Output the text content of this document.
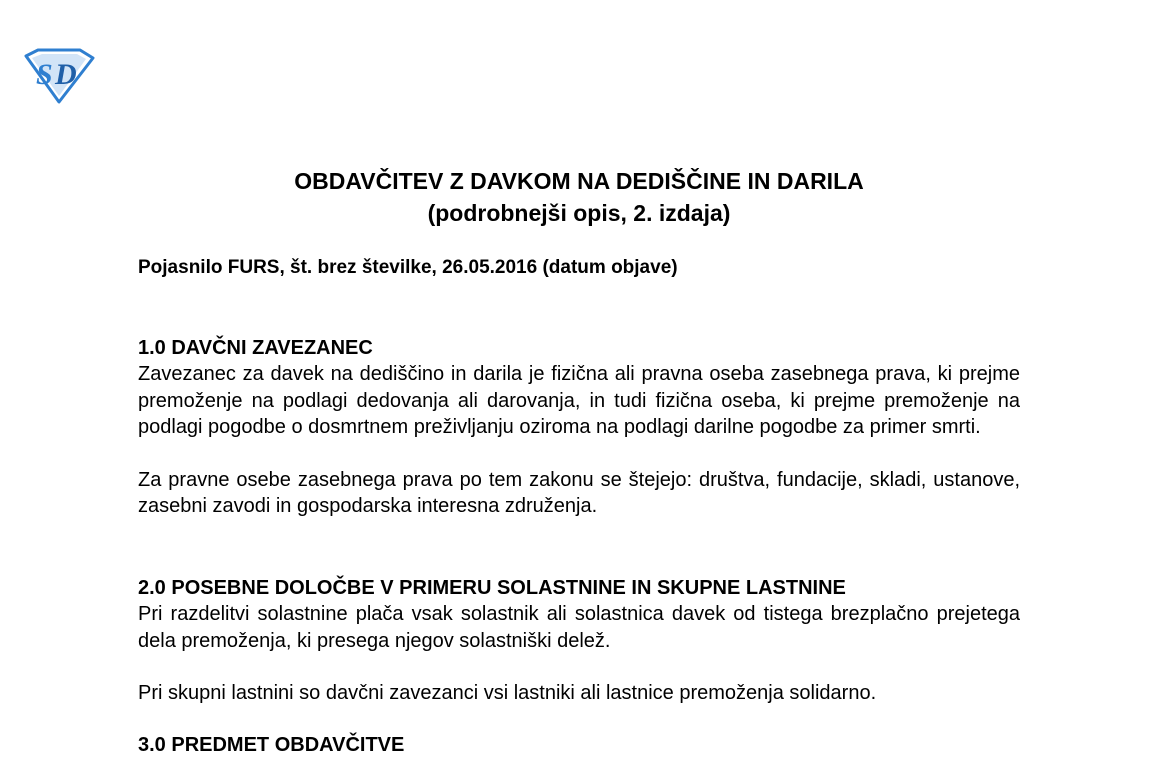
S D
OBDAVČITEV Z DAVKOM NA DEDIŠČINE IN DARILA
(podrobnejši opis, 2. izdaja)
Pojasnilo FURS, št. brez številke, 26.05.2016 (datum objave)

1.0 DAVČNI ZAVEZANEC

Zavezanec za davek na dediščino in darila je fizična ali pravna oseba zasebnega prava, ki prejme premoženje na podlagi dedovanja ali darovanja, in tudi fizična oseba, ki prejme premoženje na podlagi pogodbe o dosmrtnem preživljanju oziroma na podlagi darilne pogodbe za primer smrti.

Za pravne osebe zasebnega prava po tem zakonu se štejejo: društva, fundacije, skladi, ustanove, zasebni zavodi in gospodarska interesna združenja.

2.0 POSEBNE DOLOČBE V PRIMERU SOLASTNINE IN SKUPNE LASTNINE

Pri razdelitvi solastnine plača vsak solastnik ali solastnica davek od tistega brezplačno prejetega dela premoženja, ki presega njegov solastniški delež.

Pri skupni lastnini so davčni zavezanci vsi lastniki ali lastnice premoženja solidarno.

3.0 PREDMET OBDAVČITVE
